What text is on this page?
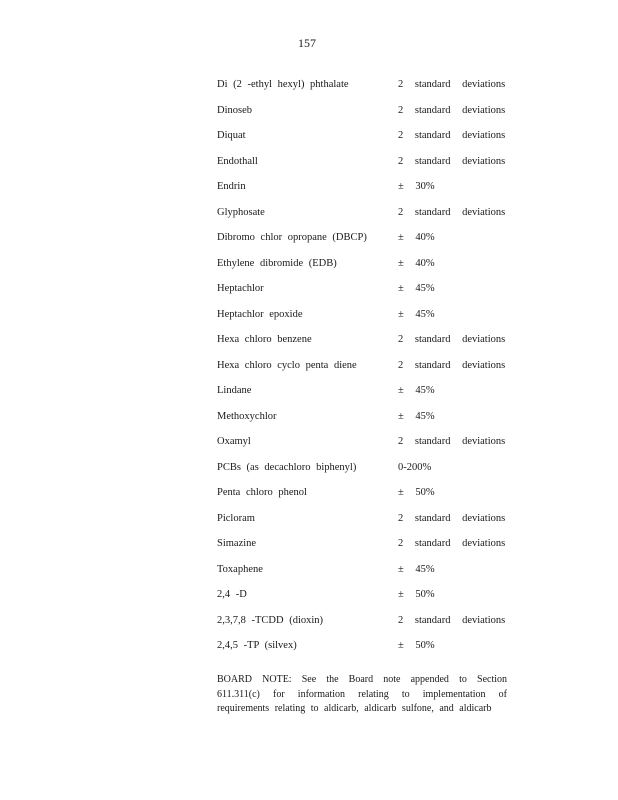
157
Di (2 -ethyl hexyl) phthalate	2 standard deviations
Dinoseb	2 standard deviations
Diquat	2 standard deviations
Endothall	2 standard deviations
Endrin	± 30%
Glyphosate	2 standard deviations
Dibromo chlor opropane (DBCP)	± 40%
Ethylene dibromide (EDB)	± 40%
Heptachlor	± 45%
Heptachlor epoxide	± 45%
Hexa chloro benzene	2 standard deviations
Hexa chloro cyclo penta diene	2 standard deviations
Lindane	± 45%
Methoxychlor	± 45%
Oxamyl	2 standard deviations
PCBs (as decachloro biphenyl)	0-200%
Penta chloro phenol	± 50%
Picloram	2 standard deviations
Simazine	2 standard deviations
Toxaphene	± 45%
2,4 -D	± 50%
2,3,7,8 -TCDD (dioxin)	2 standard deviations
2,4,5 -TP (silvex)	± 50%
BOARD NOTE: See the Board note appended to Section 611.311(c) for information relating to implementation of requirements relating to aldicarb, aldicarb sulfone, and aldicarb
